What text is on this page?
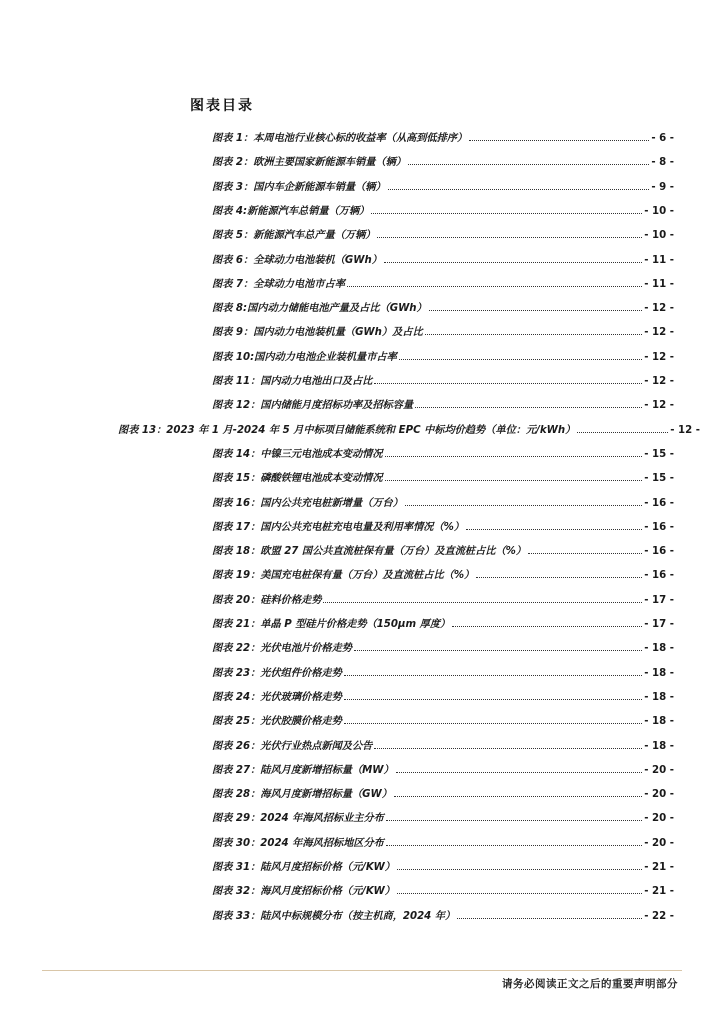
图表目录
图表 1：本周电池行业核心标的收益率（从高到低排序）	- 6 -
图表 2：欧洲主要国家新能源车销量（辆）	- 8 -
图表 3：国内车企新能源车销量（辆）	- 9 -
图表 4:新能源汽车总销量（万辆）	- 10 -
图表 5：新能源汽车总产量（万辆）	- 10 -
图表 6：全球动力电池装机（GWh）	- 11 -
图表 7：全球动力电池市占率	- 11 -
图表 8:国内动力储能电池产量及占比（GWh）	- 12 -
图表 9：国内动力电池装机量（GWh）及占比	- 12 -
图表 10:国内动力电池企业装机量市占率	- 12 -
图表 11：国内动力电池出口及占比	- 12 -
图表 12：国内储能月度招标功率及招标容量	- 12 -
图表 13：2023 年 1 月-2024 年 5 月中标项目储能系统和 EPC 中标均价趋势（单位：元/kWh）	- 12 -
图表 14：中镍三元电池成本变动情况	- 15 -
图表 15：磷酸铁锂电池成本变动情况	- 15 -
图表 16：国内公共充电桩新增量（万台）	- 16 -
图表 17：国内公共充电桩充电电量及利用率情况（%）	- 16 -
图表 18：欧盟 27 国公共直流桩保有量（万台）及直流桩占比（%）	- 16 -
图表 19：美国充电桩保有量（万台）及直流桩占比（%）	- 16 -
图表 20：硅料价格走势	- 17 -
图表 21：单晶 P 型硅片价格走势（150μm 厚度）	- 17 -
图表 22：光伏电池片价格走势	- 18 -
图表 23：光伏组件价格走势	- 18 -
图表 24：光伏玻璃价格走势	- 18 -
图表 25：光伏胶膜价格走势	- 18 -
图表 26：光伏行业热点新闻及公告	- 18 -
图表 27：陆风月度新增招标量（MW）	- 20 -
图表 28：海风月度新增招标量（GW）	- 20 -
图表 29：2024 年海风招标业主分布	- 20 -
图表 30：2024 年海风招标地区分布	- 20 -
图表 31：陆风月度招标价格（元/KW）	- 21 -
图表 32：海风月度招标价格（元/KW）	- 21 -
图表 33：陆风中标规模分布（按主机商，2024 年）	- 22 -
请务必阅读正文之后的重要声明部分
